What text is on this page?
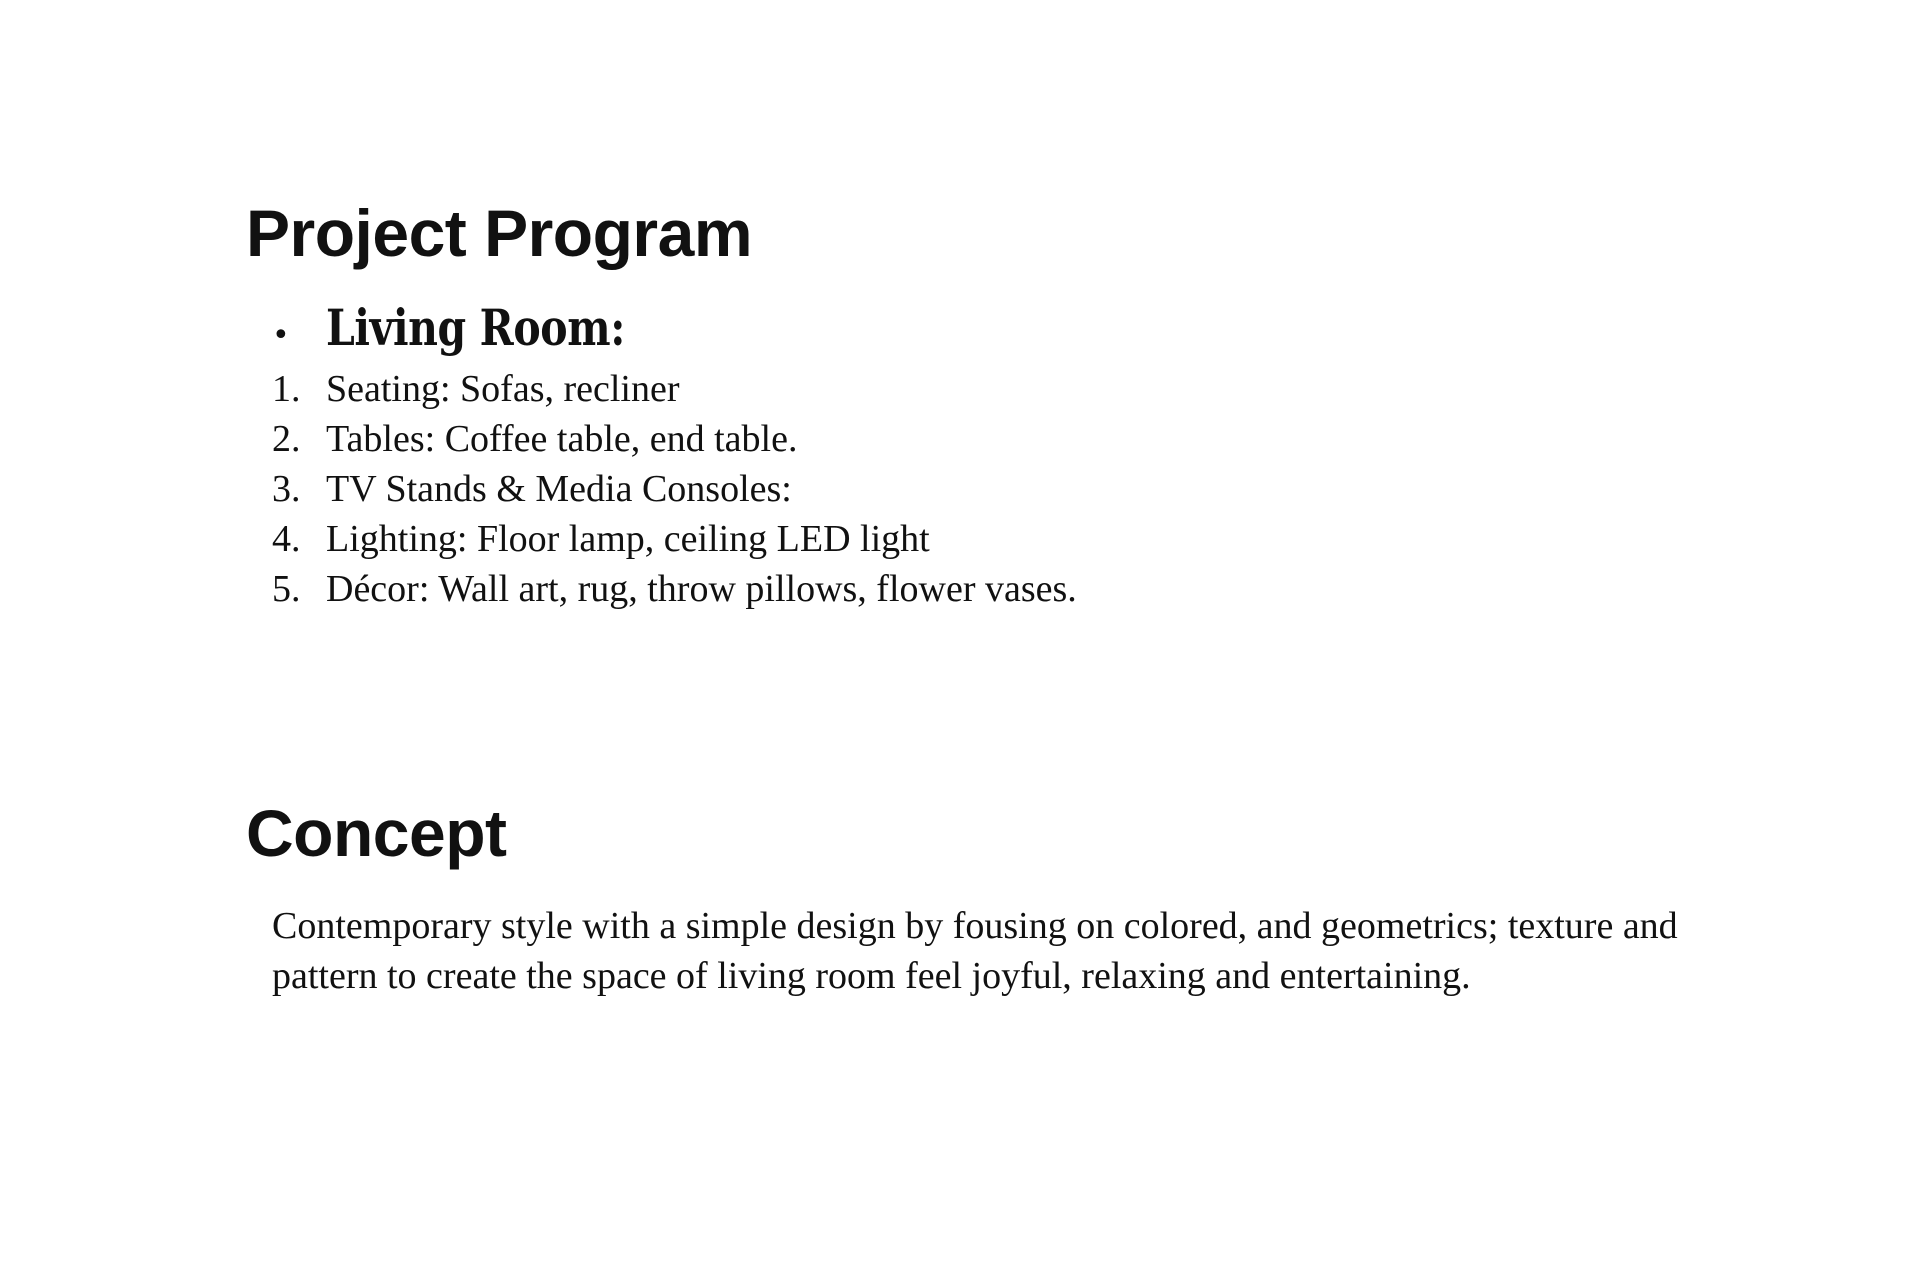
Project Program
• Living Room:
1. Seating: Sofas, recliner
2. Tables: Coffee table, end table.
3. TV Stands & Media Consoles:
4. Lighting: Floor lamp, ceiling LED light
5. Décor: Wall art, rug, throw pillows, flower vases.
Concept

Contemporary style with a simple design by fousing on colored, and geometrics; texture and pattern to create the space of living room feel joyful, relaxing and entertaining.
